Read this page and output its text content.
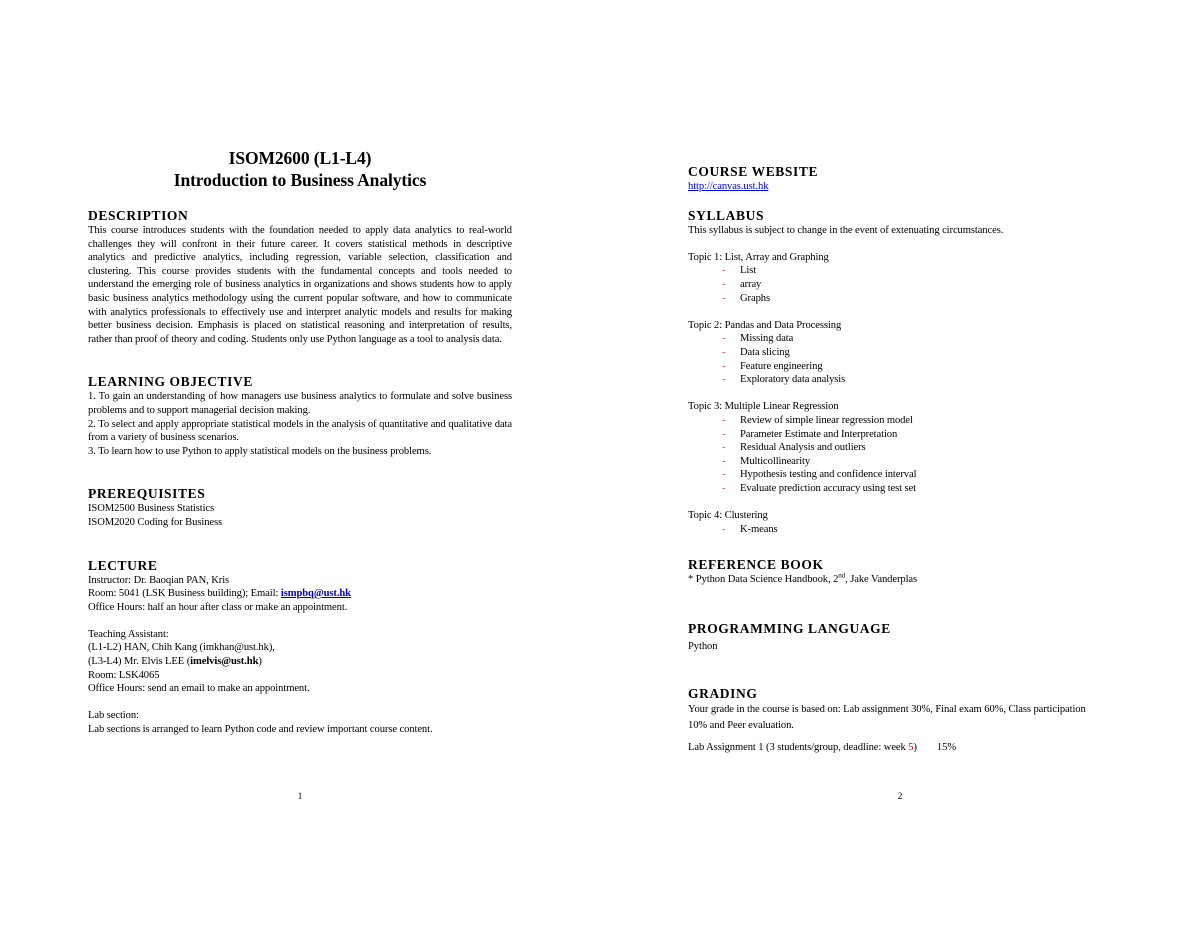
ISOM2600 (L1-L4)

Introduction to Business Analytics

DESCRIPTION

This course introduces students with the foundation needed to apply data analytics to real-world challenges they will confront in their future career. It covers statistical methods in descriptive analytics and predictive analytics, including regression, variable selection, classification and clustering. This course provides students with the fundamental concepts and tools needed to understand the emerging role of business analytics in organizations and shows students how to apply basic business analytics methodology using the current popular software, and how to communicate with analytics professionals to effectively use and interpret analytic models and results for making better business decision. Emphasis is placed on statistical reasoning and interpretation of results, rather than proof of theory and coding. Students only use Python language as a tool to analysis data.

LEARNING OBJECTIVE

1. To gain an understanding of how managers use business analytics to formulate and solve business problems and to support managerial decision making.

2. To select and apply appropriate statistical models in the analysis of quantitative and qualitative data from a variety of business scenarios.

3. To learn how to use Python to apply statistical models on the business problems.

PREREQUISITES

ISOM2500 Business Statistics

ISOM2020 Coding for Business

LECTURE

Instructor: Dr. Baoqian PAN, Kris

Room: 5041 (LSK Business building); Email: ismpbq@ust.hk

Office Hours: half an hour after class or make an appointment.

Teaching Assistant:

(L1-L2) HAN, Chih Kang (imkhan@ust.hk),

(L3-L4) Mr. Elvis LEE (imelvis@ust.hk)

Room: LSK4065

Office Hours: send an email to make an appointment.

Lab section:

Lab sections is arranged to learn Python code and review important course content.

1

COURSE WEBSITE

http://canvas.ust.hk

SYLLABUS

This syllabus is subject to change in the event of extenuating circumstances.

Topic 1: List, Array and Graphing

- List
- array
- Graphs

Topic 2: Pandas and Data Processing

- Missing data
- Data slicing
- Feature engineering
- Exploratory data analysis

Topic 3: Multiple Linear Regression

- Review of simple linear regression model
- Parameter Estimate and Interpretation
- Residual Analysis and outliers
- Multicollinearity
- Hypothesis testing and confidence interval
- Evaluate prediction accuracy using test set

Topic 4: Clustering

- K-means

REFERENCE BOOK

* Python Data Science Handbook, 2nd, Jake Vanderplas

PROGRAMMING LANGUAGE

Python

GRADING

Your grade in the course is based on: Lab assignment 30%, Final exam 60%, Class participation 10% and Peer evaluation.

Lab Assignment 1 (3 students/group, deadline: week 5) 15%

2
